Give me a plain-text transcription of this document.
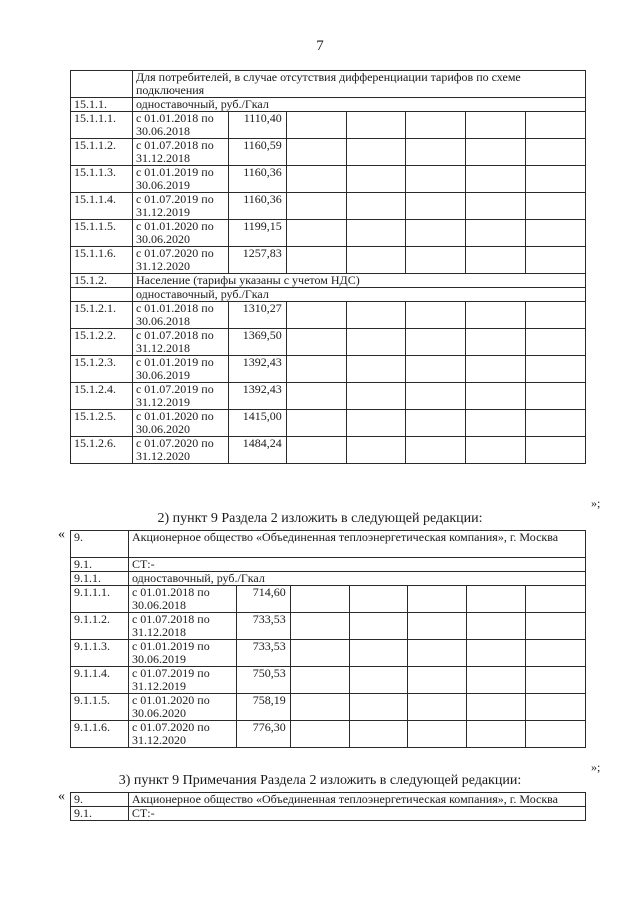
7
	Для потребителей, в случае отсутствия дифференциации тарифов по схеме подключения						
15.1.1.	одноставочный, руб./Гкал						
15.1.1.1.	с 01.01.2018 по 30.06.2018	1110,40					
15.1.1.2.	с 01.07.2018 по 31.12.2018	1160,59					
15.1.1.3.	с 01.01.2019 по 30.06.2019	1160,36					
15.1.1.4.	с 01.07.2019 по 31.12.2019	1160,36					
15.1.1.5.	с 01.01.2020 по 30.06.2020	1199,15					
15.1.1.6.	с 01.07.2020 по 31.12.2020	1257,83					
15.1.2.	Население (тарифы указаны с учетом НДС)						
	одноставочный, руб./Гкал						
15.1.2.1.	с 01.01.2018 по 30.06.2018	1310,27					
15.1.2.2.	с 01.07.2018 по 31.12.2018	1369,50					
15.1.2.3.	с 01.01.2019 по 30.06.2019	1392,43					
15.1.2.4.	с 01.07.2019 по 31.12.2019	1392,43					
15.1.2.5.	с 01.01.2020 по 30.06.2020	1415,00					
15.1.2.6.	с 01.07.2020 по 31.12.2020	1484,24					
»;
2) пункт 9 Раздела 2 изложить в следующей редакции:
« 9.	Акционерное общество «Объединенная теплоэнергетическая компания», г. Москва						
9.1.	СТ:-						
9.1.1.	одноставочный, руб./Гкал						
9.1.1.1.	с 01.01.2018 по 30.06.2018	714,60					
9.1.1.2.	с 01.07.2018 по 31.12.2018	733,53					
9.1.1.3.	с 01.01.2019 по 30.06.2019	733,53					
9.1.1.4.	с 01.07.2019 по 31.12.2019	750,53					
9.1.1.5.	с 01.01.2020 по 30.06.2020	758,19					
9.1.1.6.	с 01.07.2020 по 31.12.2020	776,30					
»;
3) пункт 9 Примечания Раздела 2 изложить в следующей редакции:
« 9.	Акционерное общество «Объединенная теплоэнергетическая компания», г. Москва
9.1.	СТ:-
